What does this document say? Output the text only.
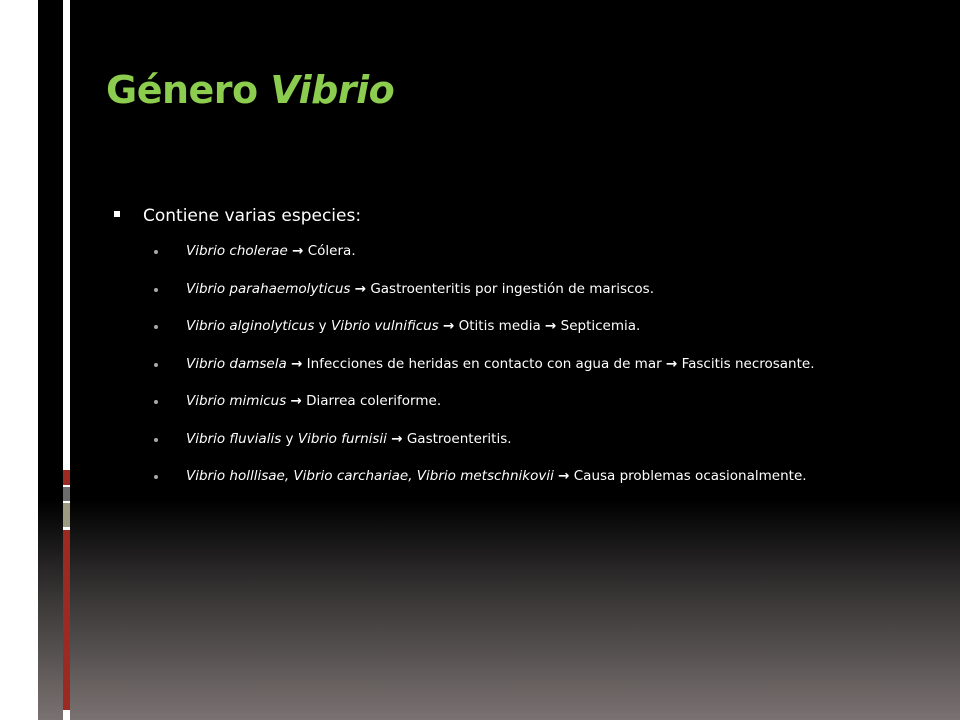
Género Vibrio
Contiene varias especies:
Vibrio cholerae → Cólera.
Vibrio parahaemolyticus → Gastroenteritis por ingestión de mariscos.
Vibrio alginolyticus y Vibrio vulnificus → Otitis media → Septicemia.
Vibrio damsela → Infecciones de heridas en contacto con agua de mar → Fascitis necrosante.
Vibrio mimicus → Diarrea coleriforme.
Vibrio fluvialis y Vibrio furnisii → Gastroenteritis.
Vibrio holllisae, Vibrio carchariae, Vibrio metschnikovii → Causa problemas ocasionalmente.
